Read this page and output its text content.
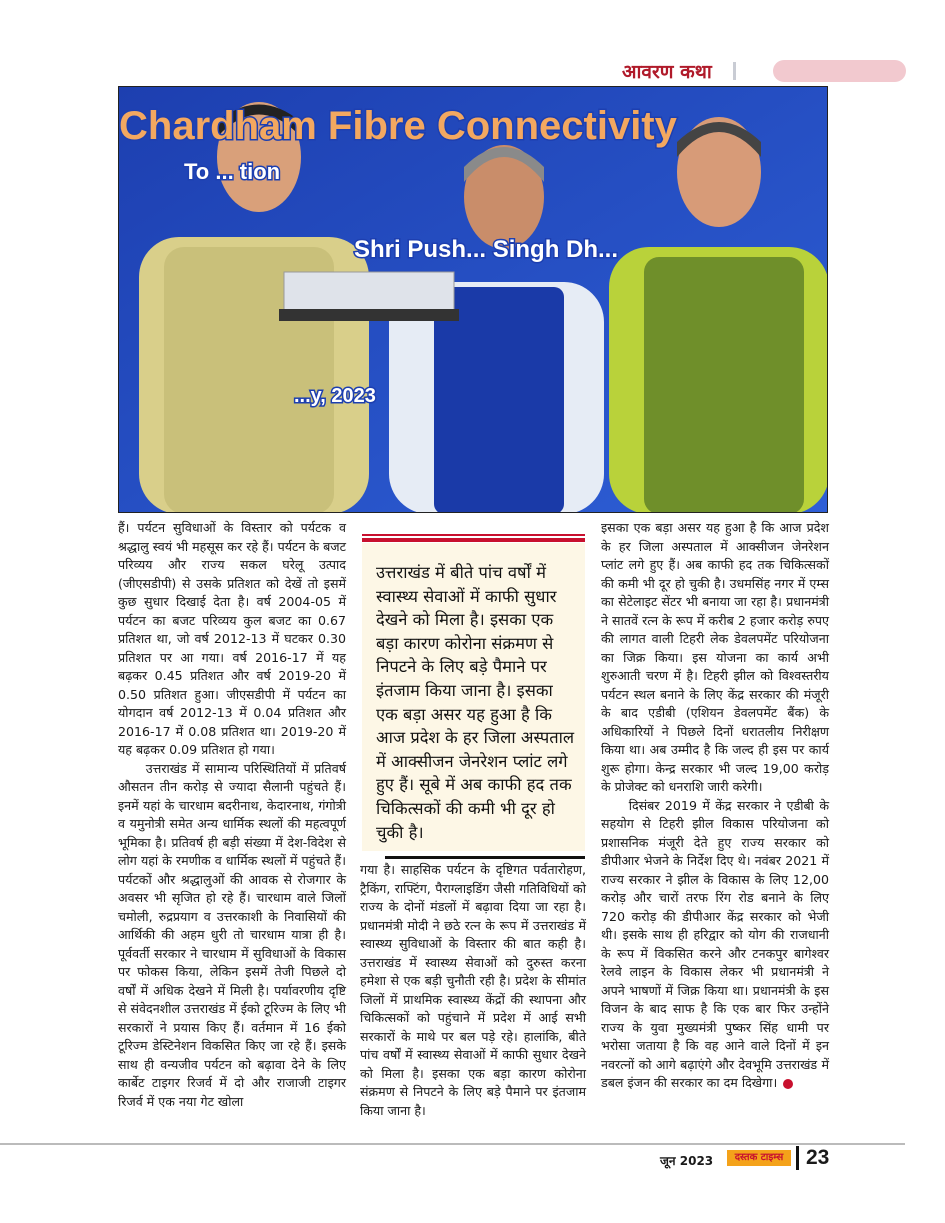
आवरण कथा
Chardham Fibre Connectivity
To ... tion
Shri Push... Singh Dh...
...y, 2023

हैं। पर्यटन सुविधाओं के विस्तार को पर्यटक व श्रद्धालु स्वयं भी महसूस कर रहे हैं। पर्यटन के बजट परिव्यय और राज्य सकल घरेलू उत्पाद (जीएसडीपी) से उसके प्रतिशत को देखें तो इसमें कुछ सुधार दिखाई देता है। वर्ष 2004-05 में पर्यटन का बजट परिव्यय कुल बजट का 0.67 प्रतिशत था, जो वर्ष 2012-13 में घटकर 0.30 प्रतिशत पर आ गया। वर्ष 2016-17 में यह बढ़कर 0.45 प्रतिशत और वर्ष 2019-20 में 0.50 प्रतिशत हुआ। जीएसडीपी में पर्यटन का योगदान वर्ष 2012-13 में 0.04 प्रतिशत और 2016-17 में 0.08 प्रतिशत था। 2019-20 में यह बढ़कर 0.09 प्रतिशत हो गया।

उत्तराखंड में सामान्य परिस्थितियों में प्रतिवर्ष औसतन तीन करोड़ से ज्यादा सैलानी पहुंचते हैं। इनमें यहां के चारधाम बदरीनाथ, केदारनाथ, गंगोत्री व यमुनोत्री समेत अन्य धार्मिक स्थलों की महत्वपूर्ण भूमिका है। प्रतिवर्ष ही बड़ी संख्या में देश-विदेश से लोग यहां के रमणीक व धार्मिक स्थलों में पहुंचते हैं। पर्यटकों और श्रद्धालुओं की आवक से रोजगार के अवसर भी सृजित हो रहे हैं। चारधाम वाले जिलों चमोली, रुद्रप्रयाग व उत्तरकाशी के निवासियों की आर्थिकी की अहम धुरी तो चारधाम यात्रा ही है। पूर्ववर्ती सरकार ने चारधाम में सुविधाओं के विकास पर फोकस किया, लेकिन इसमें तेजी पिछले दो वर्षों में अधिक देखने में मिली है। पर्यावरणीय दृष्टि से संवेदनशील उत्तराखंड में ईको टूरिज्म के लिए भी सरकारों ने प्रयास किए हैं। वर्तमान में 16 ईको टूरिज्म डेस्टिनेशन विकसित किए जा रहे हैं। इसके साथ ही वन्यजीव पर्यटन को बढ़ावा देने के लिए कार्बेट टाइगर रिजर्व में दो और राजाजी टाइगर रिजर्व में एक नया गेट खोला

उत्तराखंड में बीते पांच वर्षों में स्वास्थ्य सेवाओं में काफी सुधार देखने को मिला है। इसका एक बड़ा कारण कोरोना संक्रमण से निपटने के लिए बड़े पैमाने पर इंतजाम किया जाना है। इसका एक बड़ा असर यह हुआ है कि आज प्रदेश के हर जिला अस्पताल में आक्सीजन जेनरेशन प्लांट लगे हुए हैं। सूबे में अब काफी हद तक चिकित्सकों की कमी भी दूर हो चुकी है।

गया है। साहसिक पर्यटन के दृष्टिगत पर्वतारोहण, ट्रैकिंग, राफ्टिंग, पैराग्लाइडिंग जैसी गतिविधियों को राज्य के दोनों मंडलों में बढ़ावा दिया जा रहा है। प्रधानमंत्री मोदी ने छठे रत्न के रूप में उत्तराखंड में स्वास्थ्य सुविधाओं के विस्तार की बात कही है। उत्तराखंड में स्वास्थ्य सेवाओं को दुरुस्त करना हमेशा से एक बड़ी चुनौती रही है। प्रदेश के सीमांत जिलों में प्राथमिक स्वास्थ्य केंद्रों की स्थापना और चिकित्सकों को पहुंचाने में प्रदेश में आई सभी सरकारों के माथे पर बल पड़े रहे। हालांकि, बीते पांच वर्षों में स्वास्थ्य सेवाओं में काफी सुधार देखने को मिला है। इसका एक बड़ा कारण कोरोना संक्रमण से निपटने के लिए बड़े पैमाने पर इंतजाम किया जाना है।

इसका एक बड़ा असर यह हुआ है कि आज प्रदेश के हर जिला अस्पताल में आक्सीजन जेनरेशन प्लांट लगे हुए हैं। अब काफी हद तक चिकित्सकों की कमी भी दूर हो चुकी है। उधमसिंह नगर में एम्स का सेटेलाइट सेंटर भी बनाया जा रहा है। प्रधानमंत्री ने सातवें रत्न के रूप में करीब 2 हजार करोड़ रुपए की लागत वाली टिहरी लेक डेवलपमेंट परियोजना का जिक्र किया। इस योजना का कार्य अभी शुरुआती चरण में है। टिहरी झील को विश्वस्तरीय पर्यटन स्थल बनाने के लिए केंद्र सरकार की मंजूरी के बाद एडीबी (एशियन डेवलपमेंट बैंक) के अधिकारियों ने पिछले दिनों धरातलीय निरीक्षण किया था। अब उम्मीद है कि जल्द ही इस पर कार्य शुरू होगा। केन्द्र सरकार भी जल्द 19,00 करोड़ के प्रोजेक्ट को धनराशि जारी करेगी।

दिसंबर 2019 में केंद्र सरकार ने एडीबी के सहयोग से टिहरी झील विकास परियोजना को प्रशासनिक मंजूरी देते हुए राज्य सरकार को डीपीआर भेजने के निर्देश दिए थे। नवंबर 2021 में राज्य सरकार ने झील के विकास के लिए 12,00 करोड़ और चारों तरफ रिंग रोड बनाने के लिए 720 करोड़ की डीपीआर केंद्र सरकार को भेजी थी। इसके साथ ही हरिद्वार को योग की राजधानी के रूप में विकसित करने और टनकपुर बागेश्वर रेलवे लाइन के विकास लेकर भी प्रधानमंत्री ने अपने भाषणों में जिक्र किया था। प्रधानमंत्री के इस विजन के बाद साफ है कि एक बार फिर उन्होंने राज्य के युवा मुख्यमंत्री पुष्कर सिंह धामी पर भरोसा जताया है कि वह आने वाले दिनों में इन नवरत्नों को आगे बढ़ाएंगे और देवभूमि उत्तराखंड में डबल इंजन की सरकार का दम दिखेगा।

जून 2023	दस्तक टाइम्स	23
